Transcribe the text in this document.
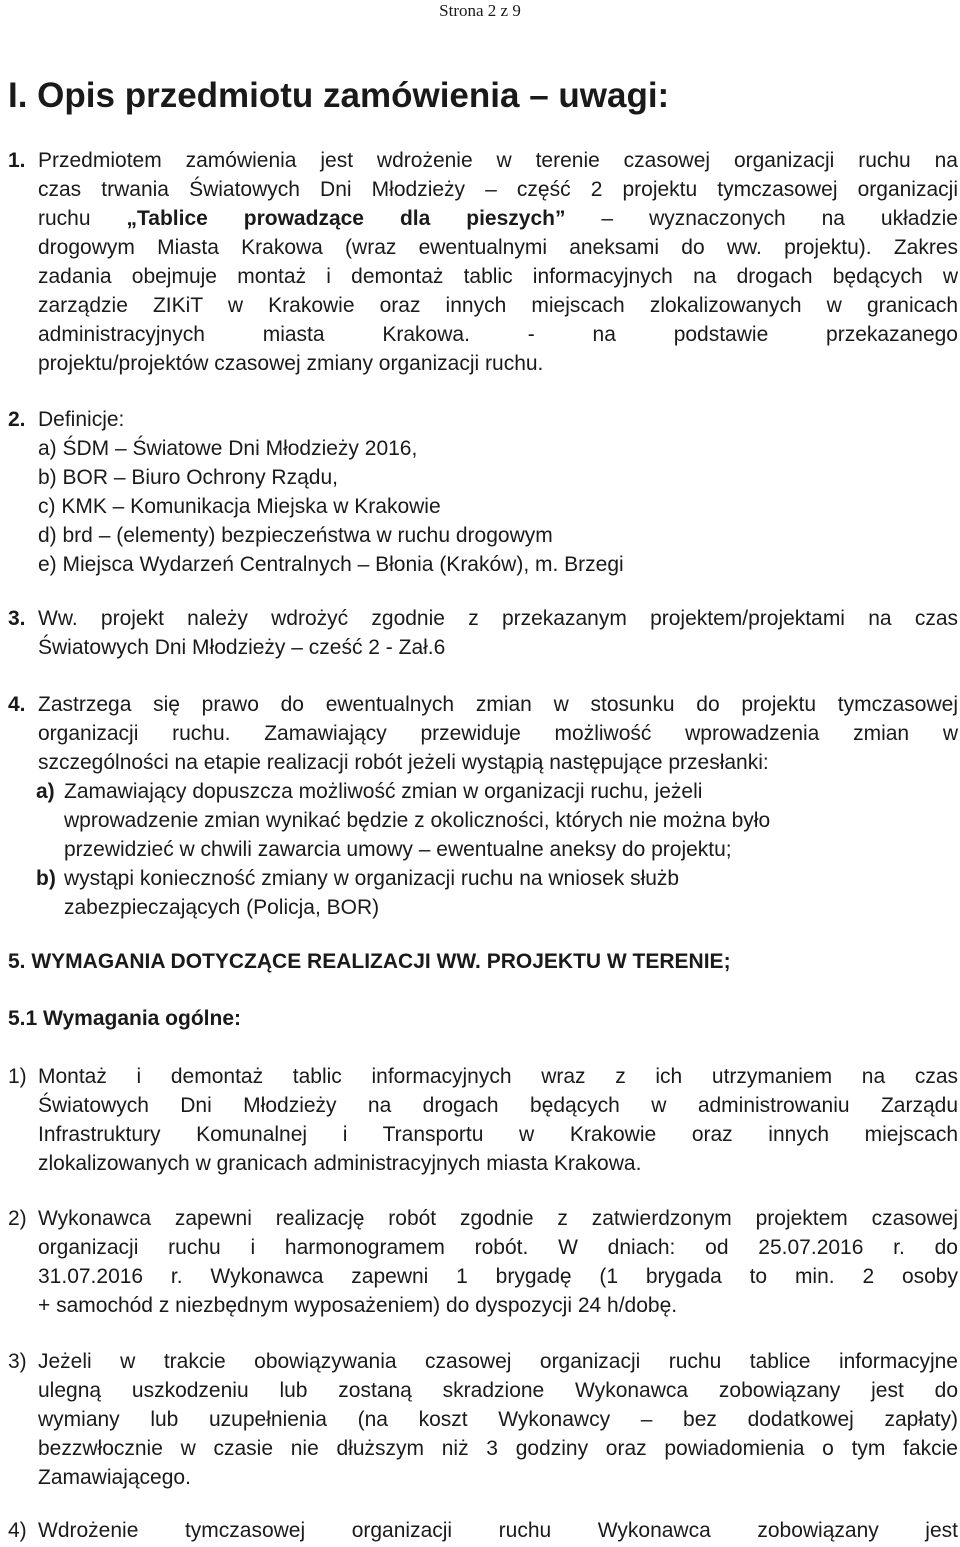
Strona 2 z 9
I. Opis przedmiotu zamówienia – uwagi:
1. Przedmiotem zamówienia jest wdrożenie w terenie czasowej organizacji ruchu na
czas trwania Światowych Dni Młodzieży – część 2 projektu tymczasowej organizacji
ruchu „Tablice prowadzące dla pieszych” – wyznaczonych na układzie
drogowym Miasta Krakowa (wraz ewentualnymi aneksami do ww. projektu). Zakres
zadania obejmuje montaż i demontaż tablic informacyjnych na drogach będących w
zarządzie ZIKiT w Krakowie oraz innych miejscach zlokalizowanych w granicach
administracyjnych miasta Krakowa. - na podstawie przekazanego
projektu/projektów czasowej zmiany organizacji ruchu.
2. Definicje:
a) ŚDM – Światowe Dni Młodzieży 2016,
b) BOR – Biuro Ochrony Rządu,
c) KMK – Komunikacja Miejska w Krakowie
d) brd – (elementy) bezpieczeństwa w ruchu drogowym
e) Miejsca Wydarzeń Centralnych – Błonia (Kraków), m. Brzegi
3. Ww. projekt należy wdrożyć zgodnie z przekazanym projektem/projektami na czas
Światowych Dni Młodzieży – cześć 2 - Zał.6
4. Zastrzega się prawo do ewentualnych zmian w stosunku do projektu tymczasowej
organizacji ruchu. Zamawiający przewiduje możliwość wprowadzenia zmian w
szczególności na etapie realizacji robót jeżeli wystąpią następujące przesłanki:
a) Zamawiający dopuszcza możliwość zmian w organizacji ruchu, jeżeli
wprowadzenie zmian wynikać będzie z okoliczności, których nie można było
przewidzieć w chwili zawarcia umowy – ewentualne aneksy do projektu;
b) wystąpi konieczność zmiany w organizacji ruchu na wniosek służb
zabezpieczających (Policja, BOR)
5. WYMAGANIA DOTYCZĄCE REALIZACJI WW. PROJEKTU W TERENIE;
5.1 Wymagania ogólne:
1) Montaż i demontaż tablic informacyjnych wraz z ich utrzymaniem na czas
Światowych Dni Młodzieży na drogach będących w administrowaniu Zarządu
Infrastruktury Komunalnej i Transportu w Krakowie oraz innych miejscach
zlokalizowanych w granicach administracyjnych miasta Krakowa.
2) Wykonawca zapewni realizację robót zgodnie z zatwierdzonym projektem czasowej
organizacji ruchu i harmonogramem robót. W dniach: od 25.07.2016 r. do
31.07.2016 r. Wykonawca zapewni 1 brygadę (1 brygada to min. 2 osoby
+ samochód z niezbędnym wyposażeniem) do dyspozycji 24 h/dobę.
3) Jeżeli w trakcie obowiązywania czasowej organizacji ruchu tablice informacyjne
ulegną uszkodzeniu lub zostaną skradzione Wykonawca zobowiązany jest do
wymiany lub uzupełnienia (na koszt Wykonawcy – bez dodatkowej zapłaty)
bezzwłocznie w czasie nie dłuższym niż 3 godziny oraz powiadomienia o tym fakcie
Zamawiającego.
4) Wdrożenie tymczasowej organizacji ruchu Wykonawca zobowiązany jest
